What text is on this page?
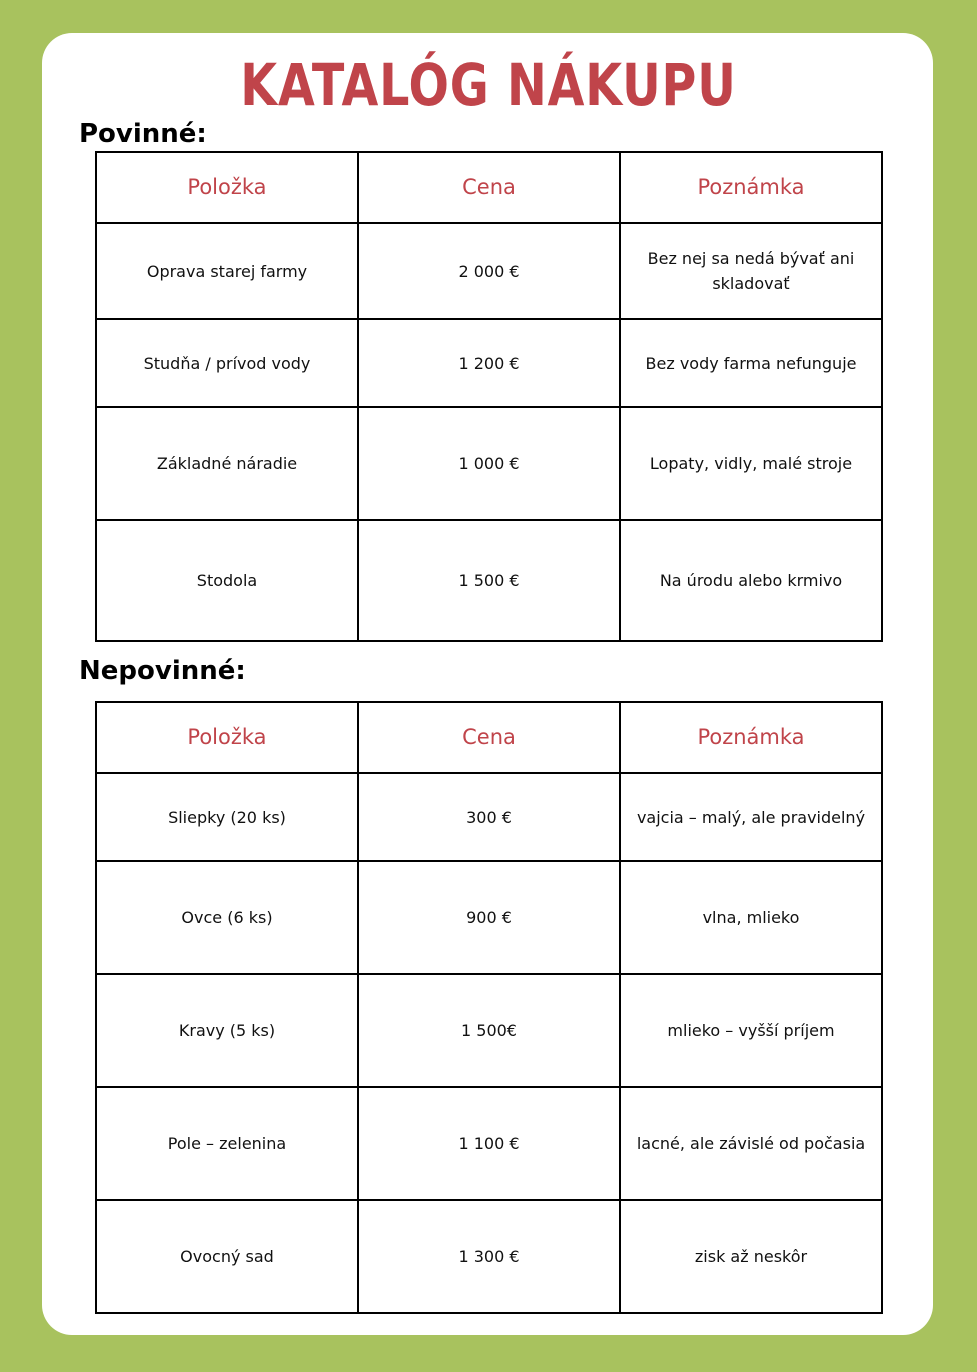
KATALÓG NÁKUPU
Povinné:
Položka	Cena	Poznámka
Oprava starej farmy	2 000 €	Bez nej sa nedá bývať ani skladovať
Studňa / prívod vody	1 200 €	Bez vody farma nefunguje
Základné náradie	1 000 €	Lopaty, vidly, malé stroje
Stodola	1 500 €	Na úrodu alebo krmivo
Nepovinné:
Položka	Cena	Poznámka
Sliepky (20 ks)	300 €	vajcia – malý, ale pravidelný
Ovce (6 ks)	900 €	vlna, mlieko
Kravy (5 ks)	1 500€	mlieko – vyšší príjem
Pole – zelenina	1 100 €	lacné, ale závislé od počasia
Ovocný sad	1 300 €	zisk až neskôr
